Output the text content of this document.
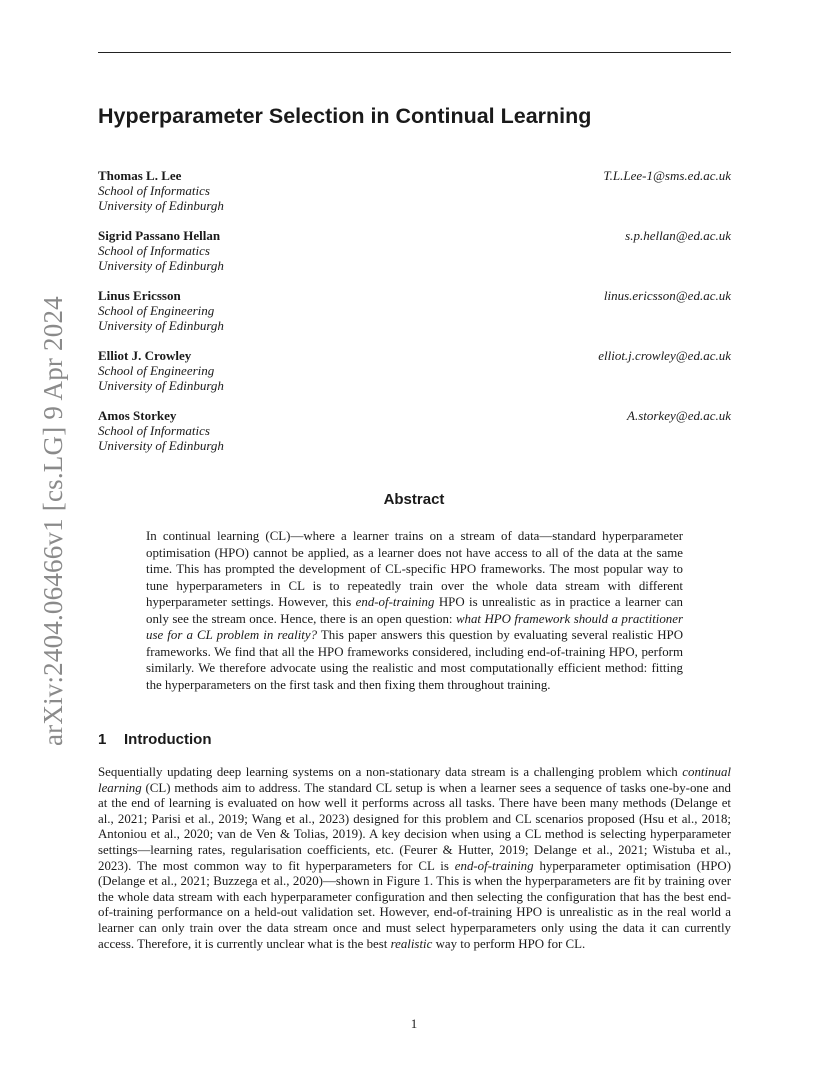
arXiv:2404.06466v1 [cs.LG] 9 Apr 2024
Hyperparameter Selection in Continual Learning
Thomas L. Lee
School of Informatics
University of Edinburgh
T.L.Lee-1@sms.ed.ac.uk
Sigrid Passano Hellan
School of Informatics
University of Edinburgh
s.p.hellan@ed.ac.uk
Linus Ericsson
School of Engineering
University of Edinburgh
linus.ericsson@ed.ac.uk
Elliot J. Crowley
School of Engineering
University of Edinburgh
elliot.j.crowley@ed.ac.uk
Amos Storkey
School of Informatics
University of Edinburgh
A.storkey@ed.ac.uk
Abstract
In continual learning (CL)—where a learner trains on a stream of data—standard hyperparameter optimisation (HPO) cannot be applied, as a learner does not have access to all of the data at the same time. This has prompted the development of CL-specific HPO frameworks. The most popular way to tune hyperparameters in CL is to repeatedly train over the whole data stream with different hyperparameter settings. However, this end-of-training HPO is unrealistic as in practice a learner can only see the stream once. Hence, there is an open question: what HPO framework should a practitioner use for a CL problem in reality? This paper answers this question by evaluating several realistic HPO frameworks. We find that all the HPO frameworks considered, including end-of-training HPO, perform similarly. We therefore advocate using the realistic and most computationally efficient method: fitting the hyperparameters on the first task and then fixing them throughout training.
1 Introduction
Sequentially updating deep learning systems on a non-stationary data stream is a challenging problem which continual learning (CL) methods aim to address. The standard CL setup is when a learner sees a sequence of tasks one-by-one and at the end of learning is evaluated on how well it performs across all tasks. There have been many methods (Delange et al., 2021; Parisi et al., 2019; Wang et al., 2023) designed for this problem and CL scenarios proposed (Hsu et al., 2018; Antoniou et al., 2020; van de Ven & Tolias, 2019). A key decision when using a CL method is selecting hyperparameter settings—learning rates, regularisation coefficients, etc. (Feurer & Hutter, 2019; Delange et al., 2021; Wistuba et al., 2023). The most common way to fit hyperparameters for CL is end-of-training hyperparameter optimisation (HPO) (Delange et al., 2021; Buzzega et al., 2020)—shown in Figure 1. This is when the hyperparameters are fit by training over the whole data stream with each hyperparameter configuration and then selecting the configuration that has the best end-of-training performance on a held-out validation set. However, end-of-training HPO is unrealistic as in the real world a learner can only train over the data stream once and must select hyperparameters only using the data it can currently access. Therefore, it is currently unclear what is the best realistic way to perform HPO for CL.
1
